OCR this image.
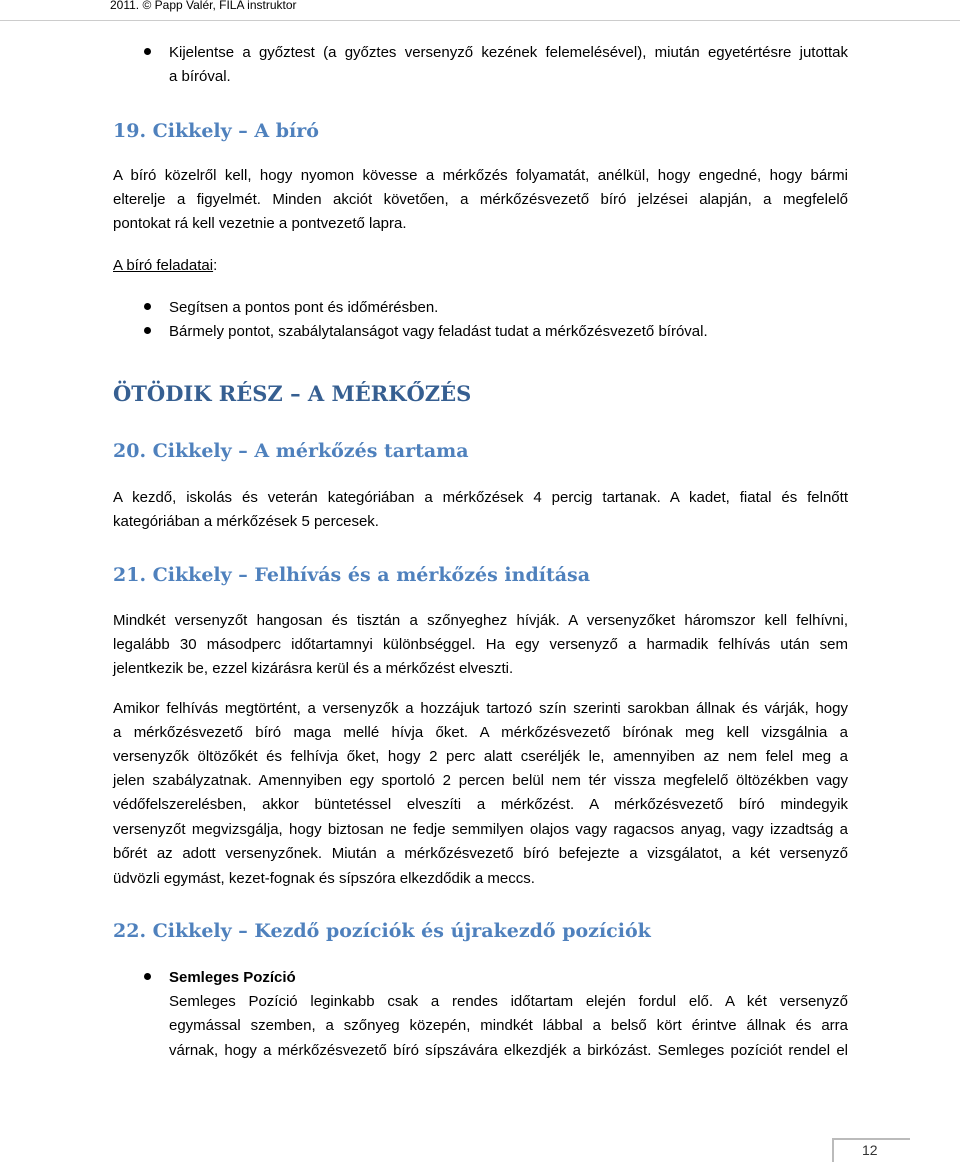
2011. © Papp Valér, FILA instruktor
Kijelentse a győztest (a győztes versenyző kezének felemelésével), miután egyetértésre jutottak
a bíróval.
19. Cikkely – A bíró
A bíró közelről kell, hogy nyomon kövesse a mérkőzés folyamatát, anélkül, hogy engedné, hogy bármi
elterelje a figyelmét. Minden akciót követően, a mérkőzésvezető bíró jelzései alapján, a megfelelő
pontokat rá kell vezetnie a pontvezető lapra.
A bíró feladatai:
Segítsen a pontos pont és időmérésben.
Bármely pontot, szabálytalanságot vagy feladást tudat a mérkőzésvezető bíróval.
ÖTÖDIK RÉSZ – A MÉRKŐZÉS
20. Cikkely – A mérkőzés tartama
A kezdő, iskolás és veterán kategóriában a mérkőzések 4 percig tartanak. A kadet, fiatal és felnőtt
kategóriában a mérkőzések 5 percesek.
21. Cikkely – Felhívás és a mérkőzés indítása
Mindkét versenyzőt hangosan és tisztán a szőnyeghez hívják. A versenyzőket háromszor kell felhívni,
legalább 30 másodperc időtartamnyi különbséggel. Ha egy versenyző a harmadik felhívás után sem
jelentkezik be, ezzel kizárásra kerül és a mérkőzést elveszti.
Amikor felhívás megtörtént, a versenyzők a hozzájuk tartozó szín szerinti sarokban állnak és várják, hogy
a mérkőzésvezető bíró maga mellé hívja őket. A mérkőzésvezető bírónak meg kell vizsgálnia a
versenyzők öltözőkét és felhívja őket, hogy 2 perc alatt cseréljék le, amennyiben az nem felel meg a
jelen szabályzatnak. Amennyiben egy sportoló 2 percen belül nem tér vissza megfelelő öltözékben vagy
védőfelszerelésben, akkor büntetéssel elveszíti a mérkőzést. A mérkőzésvezető bíró mindegyik
versenyzőt megvizsgálja, hogy biztosan ne fedje semmilyen olajos vagy ragacsos anyag, vagy izzadtság a
bőrét az adott versenyzőnek. Miután a mérkőzésvezető bíró befejezte a vizsgálatot, a két versenyző
üdvözli egymást, kezet-fognak és sípszóra elkezdődik a meccs.
22. Cikkely – Kezdő pozíciók és újrakezdő pozíciók
Semleges Pozíció
Semleges Pozíció leginkabb csak a rendes időtartam elején fordul elő. A két versenyző
egymással szemben, a szőnyeg közepén, mindkét lábbal a belső kört érintve állnak és arra
várnak, hogy a mérkőzésvezető bíró sípszávára elkezdjék a birkózást. Semleges pozíciót rendel el
12
